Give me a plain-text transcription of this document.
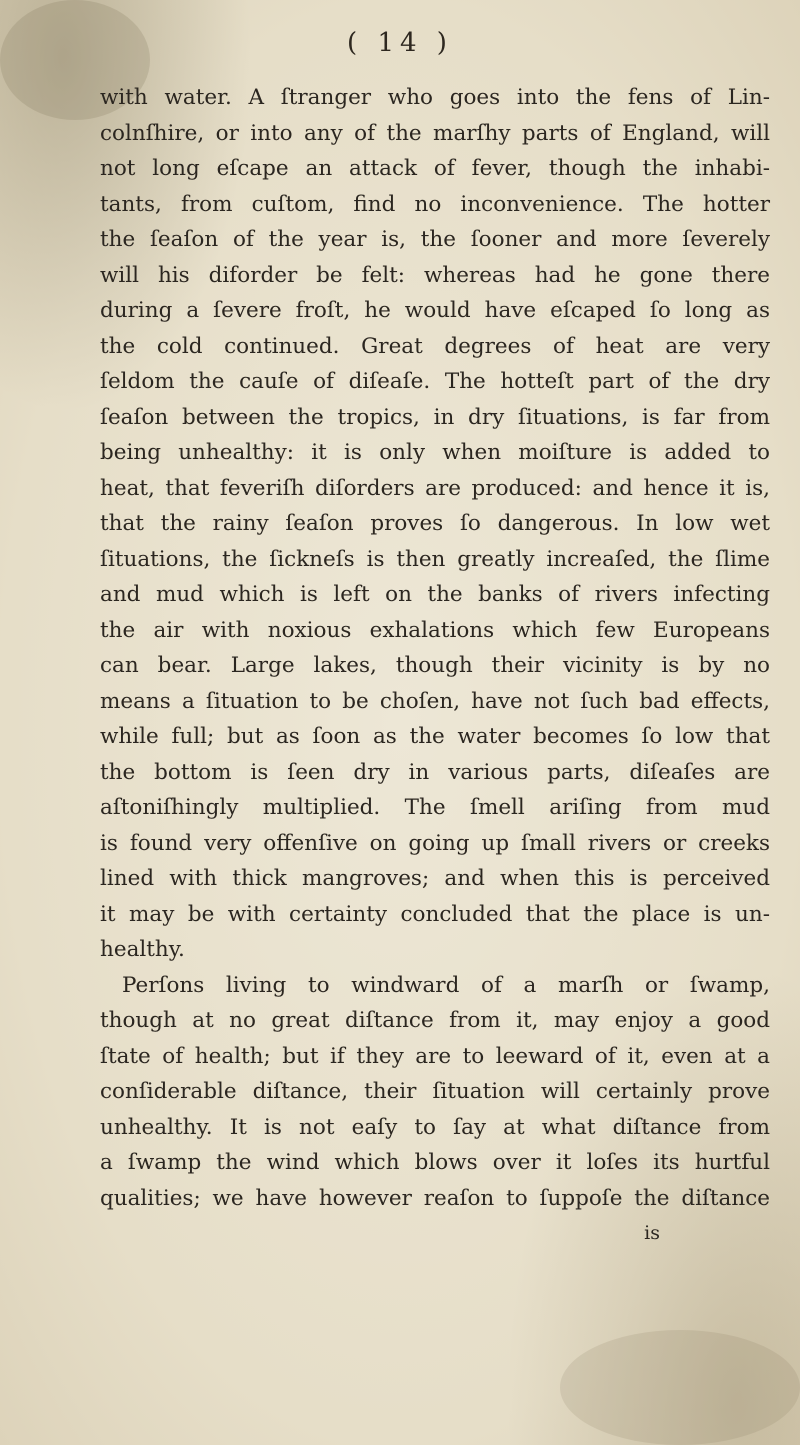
( 14 )
with water. A ſtranger who goes into the fens of Lin-
colnſhire, or into any of the marſhy parts of England, will
not long eſcape an attack of fever, though the inhabi-
tants, from cuſtom, find no inconvenience. The hotter
the ſeaſon of the year is, the ſooner and more ſeverely
will his diforder be felt: whereas had he gone there
during a ſevere froſt, he would have eſcaped ſo long as
the cold continued. Great degrees of heat are very
ſeldom the cauſe of diſeaſe. The hotteſt part of the dry
ſeaſon between the tropics, in dry ſituations, is far from
being unhealthy: it is only when moiſture is added to
heat, that feveriſh diſorders are produced: and hence it is,
that the rainy ſeaſon proves ſo dangerous. In low wet
ſituations, the ſickneſs is then greatly increaſed, the ſlime
and mud which is left on the banks of rivers infecting
the air with noxious exhalations which few Europeans
can bear. Large lakes, though their vicinity is by no
means a ſituation to be choſen, have not ſuch bad effects,
while full; but as ſoon as the water becomes ſo low that
the bottom is ſeen dry in various parts, diſeaſes are
aſtoniſhingly multiplied. The ſmell ariſing from mud
is found very offenſive on going up ſmall rivers or creeks
lined with thick mangroves; and when this is perceived
it may be with certainty concluded that the place is un-
healthy.
Perſons living to windward of a marſh or ſwamp,
though at no great diſtance from it, may enjoy a good
ſtate of health; but if they are to leeward of it, even at a
conſiderable diſtance, their ſituation will certainly prove
unhealthy. It is not eaſy to ſay at what diſtance from
a ſwamp the wind which blows over it loſes its hurtful
qualities; we have however reaſon to ſuppoſe the diſtance
is
